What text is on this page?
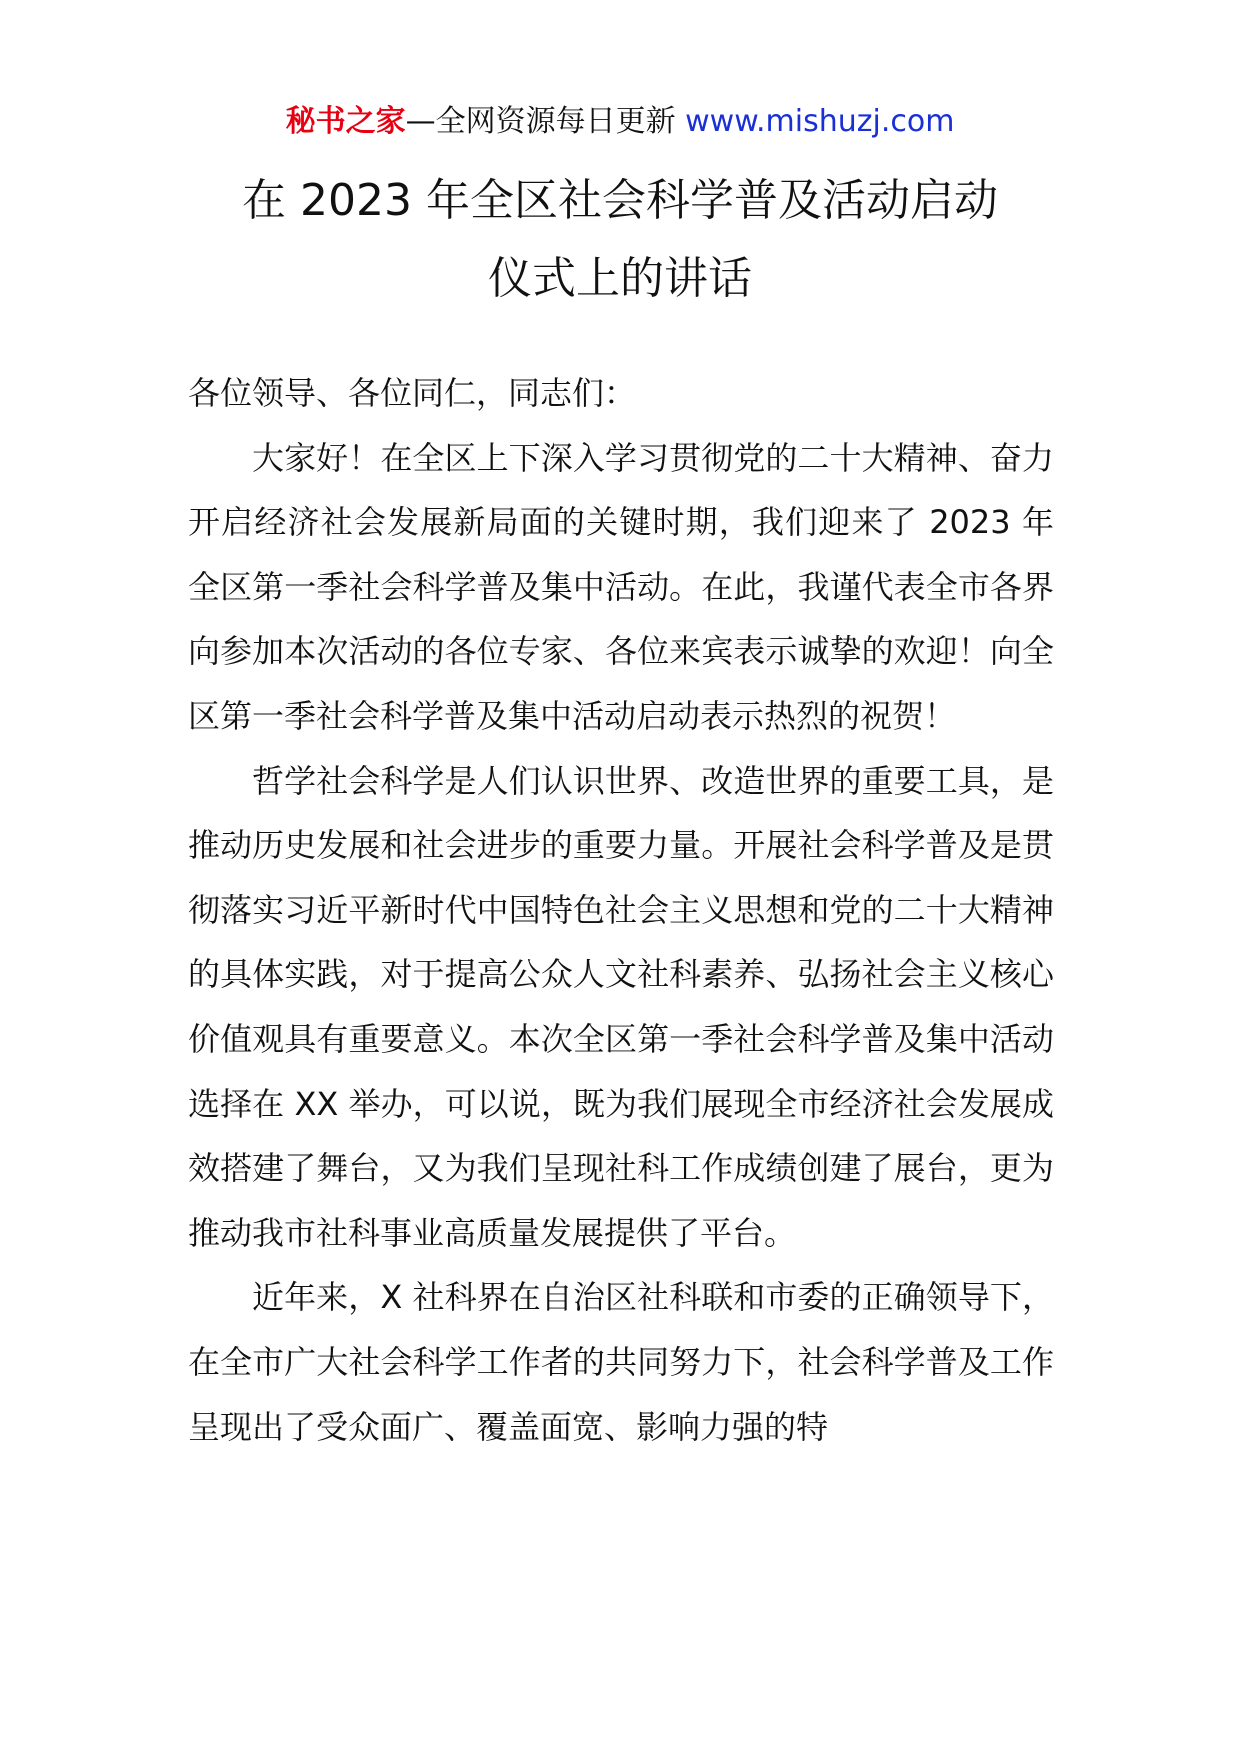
秘书之家—全网资源每日更新 www.mishuzj.com
在 2023 年全区社会科学普及活动启动
仪式上的讲话

各位领导、各位同仁，同志们：

大家好！在全区上下深入学习贯彻党的二十大精神、奋力开启经济社会发展新局面的关键时期，我们迎来了 2023 年全区第一季社会科学普及集中活动。在此，我谨代表全市各界向参加本次活动的各位专家、各位来宾表示诚挚的欢迎！向全区第一季社会科学普及集中活动启动表示热烈的祝贺！

哲学社会科学是人们认识世界、改造世界的重要工具，是推动历史发展和社会进步的重要力量。开展社会科学普及是贯彻落实习近平新时代中国特色社会主义思想和党的二十大精神的具体实践，对于提高公众人文社科素养、弘扬社会主义核心价值观具有重要意义。本次全区第一季社会科学普及集中活动选择在 XX 举办，可以说，既为我们展现全市经济社会发展成效搭建了舞台，又为我们呈现社科工作成绩创建了展台，更为推动我市社科事业高质量发展提供了平台。

近年来，X 社科界在自治区社科联和市委的正确领导下，在全市广大社会科学工作者的共同努力下，社会科学普及工作呈现出了受众面广、覆盖面宽、影响力强的特
